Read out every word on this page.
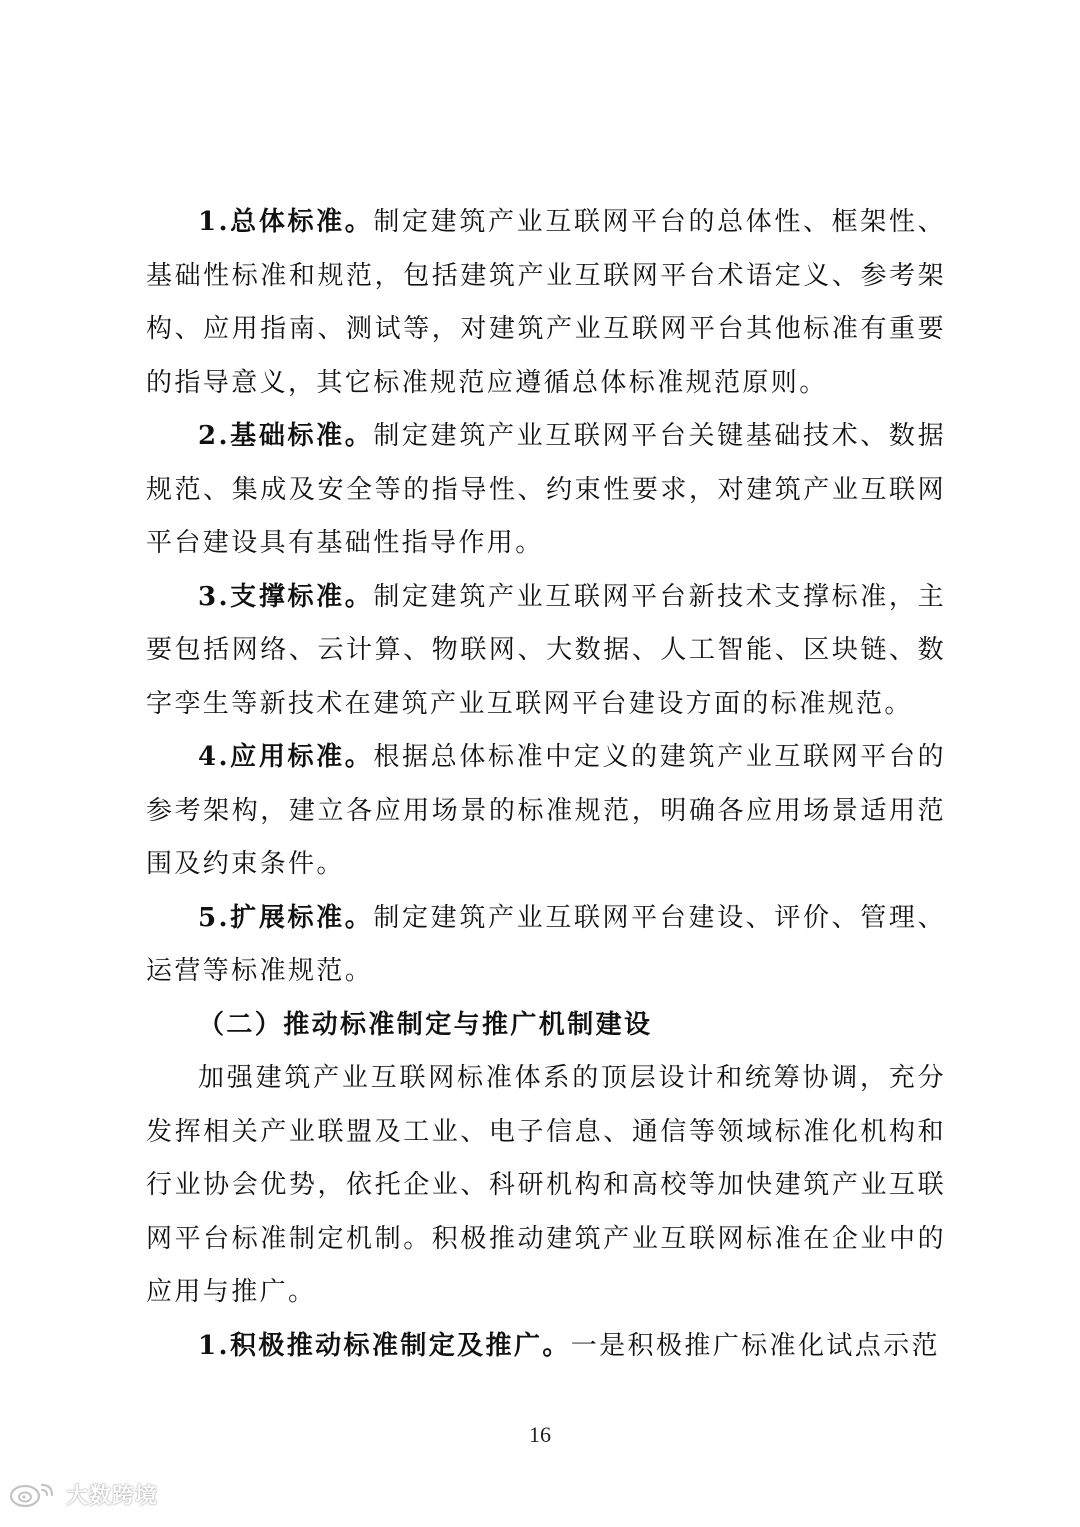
1.总体标准。制定建筑产业互联网平台的总体性、框架性、基础性标准和规范，包括建筑产业互联网平台术语定义、参考架构、应用指南、测试等，对建筑产业互联网平台其他标准有重要的指导意义，其它标准规范应遵循总体标准规范原则。

2.基础标准。制定建筑产业互联网平台关键基础技术、数据规范、集成及安全等的指导性、约束性要求，对建筑产业互联网平台建设具有基础性指导作用。

3.支撑标准。制定建筑产业互联网平台新技术支撑标准，主要包括网络、云计算、物联网、大数据、人工智能、区块链、数字孪生等新技术在建筑产业互联网平台建设方面的标准规范。

4.应用标准。根据总体标准中定义的建筑产业互联网平台的参考架构，建立各应用场景的标准规范，明确各应用场景适用范围及约束条件。

5.扩展标准。制定建筑产业互联网平台建设、评价、管理、运营等标准规范。

（二）推动标准制定与推广机制建设

加强建筑产业互联网标准体系的顶层设计和统筹协调，充分发挥相关产业联盟及工业、电子信息、通信等领域标准化机构和行业协会优势，依托企业、科研机构和高校等加快建筑产业互联网平台标准制定机制。积极推动建筑产业互联网标准在企业中的应用与推广。

1.积极推动标准制定及推广。一是积极推广标准化试点示范

16
大数跨境
